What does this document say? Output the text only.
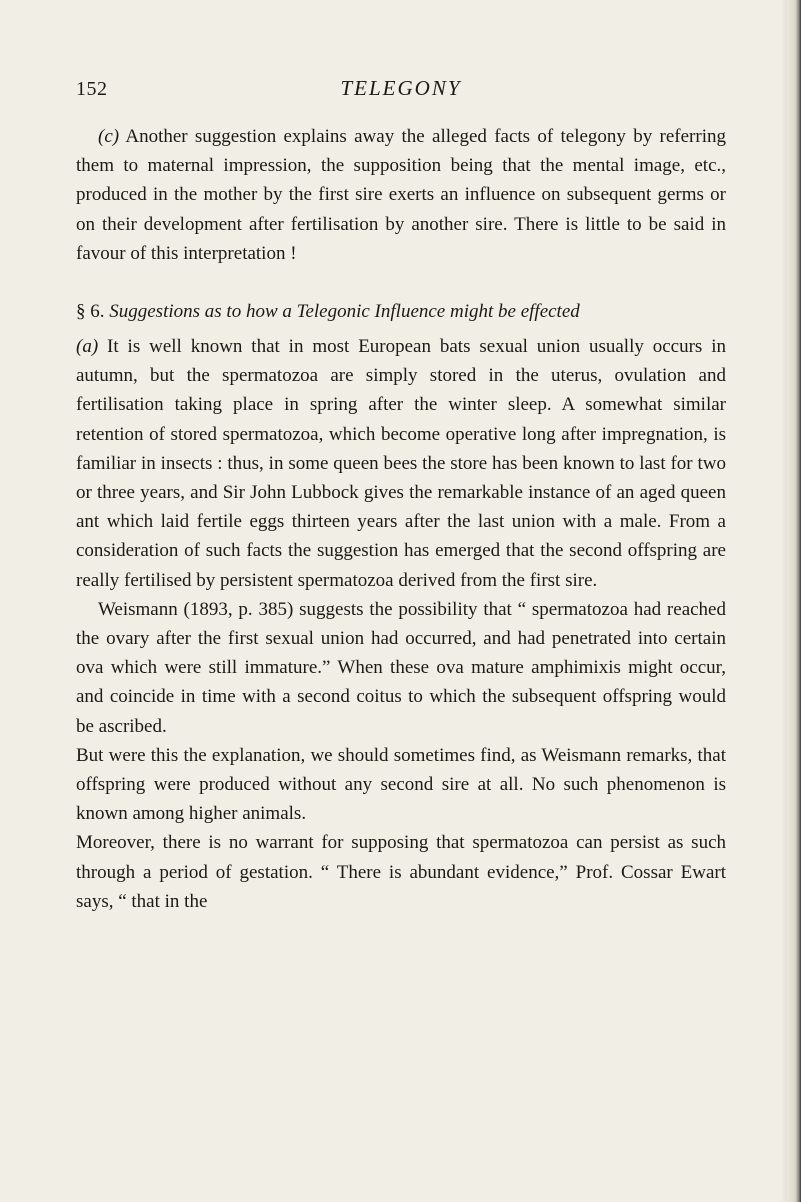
152	TELEGONY

(c) Another suggestion explains away the alleged facts of telegony by referring them to maternal impression, the supposition being that the mental image, etc., produced in the mother by the first sire exerts an influence on subsequent germs or on their development after fertilisation by another sire. There is little to be said in favour of this interpretation !

§ 6. Suggestions as to how a Telegonic Influence might be effected

(a) It is well known that in most European bats sexual union usually occurs in autumn, but the spermatozoa are simply stored in the uterus, ovulation and fertilisation taking place in spring after the winter sleep. A somewhat similar retention of stored spermatozoa, which become operative long after impregnation, is familiar in insects : thus, in some queen bees the store has been known to last for two or three years, and Sir John Lubbock gives the remarkable instance of an aged queen ant which laid fertile eggs thirteen years after the last union with a male. From a consideration of such facts the suggestion has emerged that the second offspring are really fertilised by persistent spermatozoa derived from the first sire.

Weismann (1893, p. 385) suggests the possibility that “ spermatozoa had reached the ovary after the first sexual union had occurred, and had penetrated into certain ova which were still immature.” When these ova mature amphimixis might occur, and coincide in time with a second coitus to which the subsequent offspring would be ascribed.

But were this the explanation, we should sometimes find, as Weismann remarks, that offspring were produced without any second sire at all. No such phenomenon is known among higher animals.

Moreover, there is no warrant for supposing that spermatozoa can persist as such through a period of gestation. “ There is abundant evidence,” Prof. Cossar Ewart says, “ that in the
